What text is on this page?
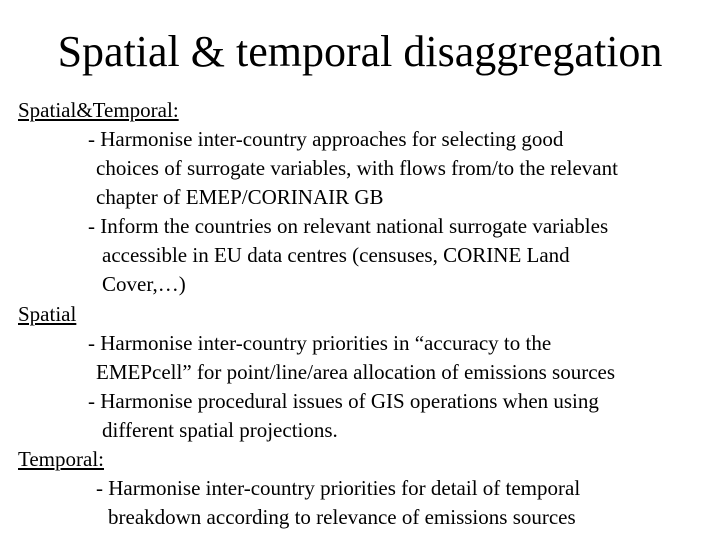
Spatial & temporal disaggregation
Spatial&Temporal:
- Harmonise inter-country approaches for selecting good
choices of surrogate variables, with flows from/to the relevant
chapter of EMEP/CORINAIR GB
- Inform the countries on relevant national surrogate variables
accessible in EU data centres (censuses, CORINE Land
Cover,…)
Spatial
- Harmonise inter-country priorities in “accuracy to the
EMEPcell” for point/line/area allocation of emissions sources
- Harmonise procedural issues of GIS operations when using
different spatial projections.
Temporal:
- Harmonise inter-country priorities for detail of temporal
breakdown according to relevance of emissions sources
